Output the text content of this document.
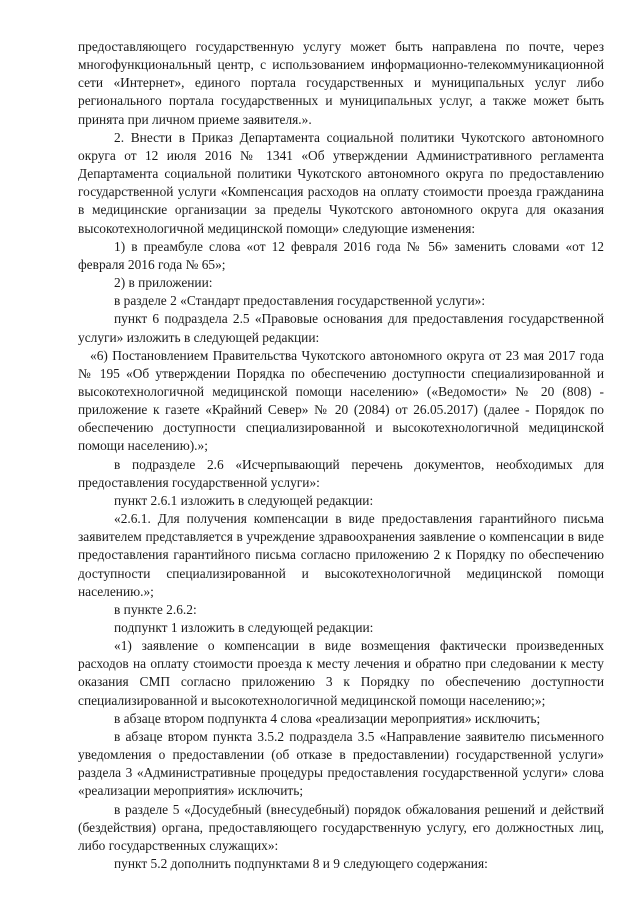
предоставляющего государственную услугу может быть направлена по почте, через многофункциональный центр, с использованием информационно-телекоммуникационной сети «Интернет», единого портала государственных и муниципальных услуг либо регионального портала государственных и муниципальных услуг, а также может быть принята при личном приеме заявителя.».

2. Внести в Приказ Департамента социальной политики Чукотского автономного округа от 12 июля 2016 № 1341 «Об утверждении Административного регламента Департамента социальной политики Чукотского автономного округа по предоставлению государственной услуги «Компенсация расходов на оплату стоимости проезда гражданина в медицинские организации за пределы Чукотского автономного округа для оказания высокотехнологичной медицинской помощи» следующие изменения:

1) в преамбуле слова «от 12 февраля 2016 года № 56» заменить словами «от 12 февраля 2016 года № 65»;

2) в приложении:

в разделе 2 «Стандарт предоставления государственной услуги»:

пункт 6 подраздела 2.5 «Правовые основания для предоставления государственной услуги» изложить в следующей редакции:

«6) Постановлением Правительства Чукотского автономного округа от 23 мая 2017 года № 195 «Об утверждении Порядка по обеспечению доступности специализированной и высокотехнологичной медицинской помощи населению» («Ведомости» № 20 (808) - приложение к газете «Крайний Север» № 20 (2084) от 26.05.2017) (далее - Порядок по обеспечению доступности специализированной и высокотехнологичной медицинской помощи населению).»;

в подразделе 2.6 «Исчерпывающий перечень документов, необходимых для предоставления государственной услуги»:

пункт 2.6.1 изложить в следующей редакции:

«2.6.1. Для получения компенсации в виде предоставления гарантийного письма заявителем представляется в учреждение здравоохранения заявление о компенсации в виде предоставления гарантийного письма согласно приложению 2 к Порядку по обеспечению доступности специализированной и высокотехнологичной медицинской помощи населению.»;

в пункте 2.6.2:

подпункт 1 изложить в следующей редакции:

«1) заявление о компенсации в виде возмещения фактически произведенных расходов на оплату стоимости проезда к месту лечения и обратно при следовании к месту оказания СМП согласно приложению 3 к Порядку по обеспечению доступности специализированной и высокотехнологичной медицинской помощи населению;»;

в абзаце втором подпункта 4 слова «реализации мероприятия» исключить;

в абзаце втором пункта 3.5.2 подраздела 3.5 «Направление заявителю письменного уведомления о предоставлении (об отказе в предоставлении) государственной услуги» раздела 3 «Административные процедуры предоставления государственной услуги» слова «реализации мероприятия» исключить;

в разделе 5 «Досудебный (внесудебный) порядок обжалования решений и действий (бездействия) органа, предоставляющего государственную услугу, его должностных лиц, либо государственных служащих»:

пункт 5.2 дополнить подпунктами 8 и 9 следующего содержания:
